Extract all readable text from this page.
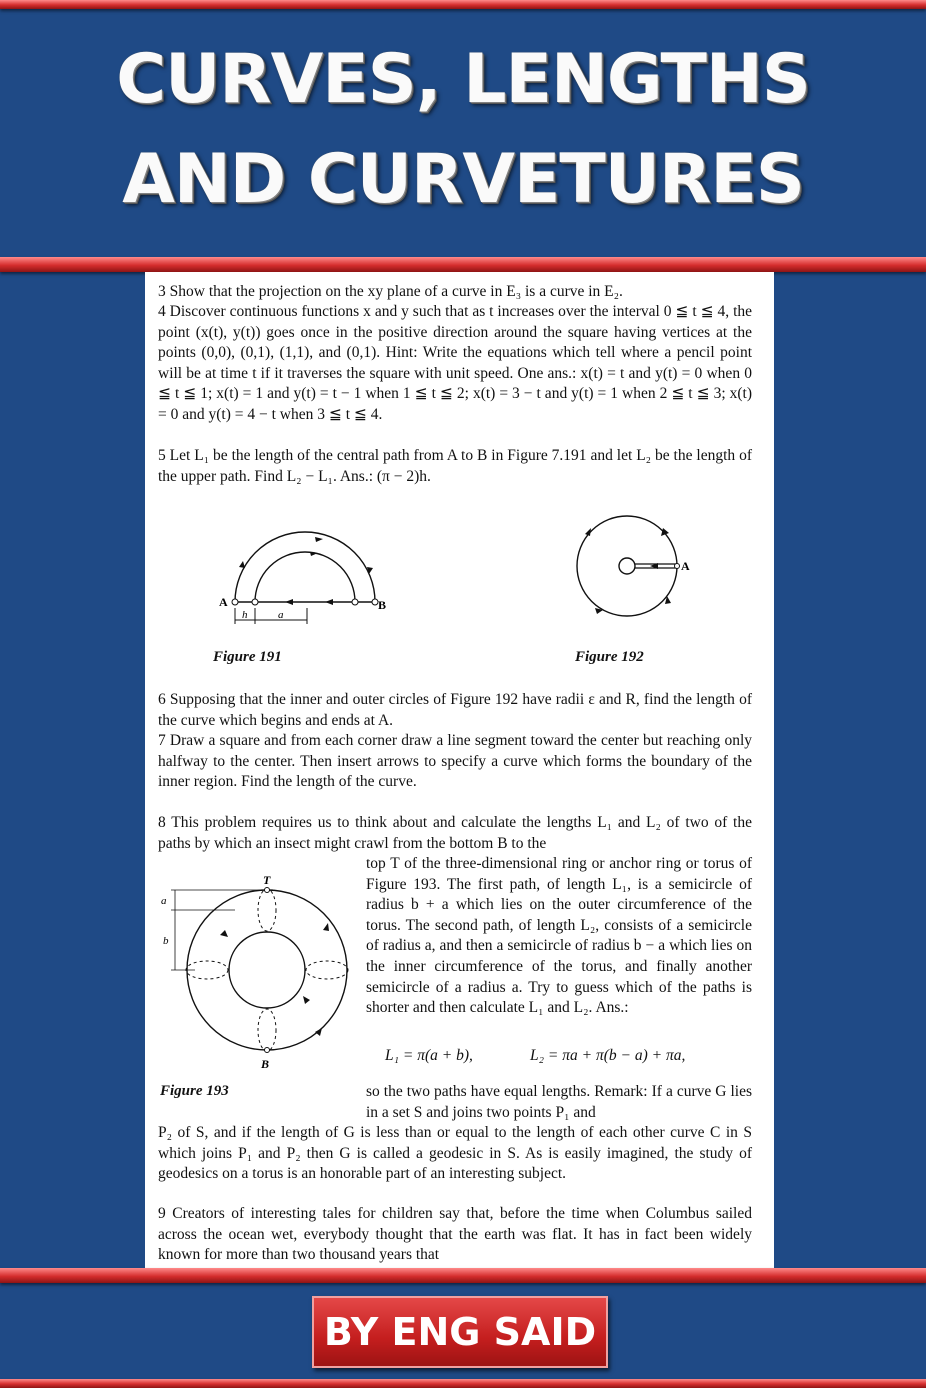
CURVES, LENGTHS
AND CURVETURES
3 Show that the projection on the xy plane of a curve in E₃ is a curve in E₂.
4 Discover continuous functions x and y such that as t increases over the interval 0 ≦ t ≦ 4, the point (x(t), y(t)) goes once in the positive direction around the square having vertices at the points (0,0), (0,1), (1,1), and (0,1). Hint: Write the equations which tell where a pencil point will be at time t if it traverses the square with unit speed. One ans.: x(t) = t and y(t) = 0 when 0 ≦ t ≦ 1; x(t) = 1 and y(t) = t − 1 when 1 ≦ t ≦ 2; x(t) = 3 − t and y(t) = 1 when 2 ≦ t ≦ 3; x(t) = 0 and y(t) = 4 − t when 3 ≦ t ≦ 4.
5 Let L₁ be the length of the central path from A to B in Figure 7.191 and let L₂ be the length of the upper path. Find L₂ − L₁. Ans.: (π − 2)h.
A	B
h	a
Figure 191
A
Figure 192
6 Supposing that the inner and outer circles of Figure 192 have radii ε and R, find the length of the curve which begins and ends at A.
7 Draw a square and from each corner draw a line segment toward the center but reaching only halfway to the center. Then insert arrows to specify a curve which forms the boundary of the inner region. Find the length of the curve.
8 This problem requires us to think about and calculate the lengths L₁ and L₂ of two of the paths by which an insect might crawl from the bottom B to the
top T of the three-dimensional ring or anchor ring or torus of Figure 193. The first path, of length L₁, is a semicircle of radius b + a which lies on the outer circumference of the torus. The second path, of length L₂, consists of a semicircle of radius a, and then a semicircle of radius b − a which lies on the inner circumference of the torus, and finally another semicircle of a radius a. Try to guess which of the paths is shorter and then calculate L₁ and L₂. Ans.:
T
B
a
b
L₁ = π(a + b),	L₂ = πa + π(b − a) + πa,
Figure 193	so the two paths have equal lengths. Remark: If a curve G lies in a set S and joins two points P₁ and
P₂ of S, and if the length of G is less than or equal to the length of each other curve C in S which joins P₁ and P₂ then G is called a geodesic in S. As is easily imagined, the study of geodesics on a torus is an honorable part of an interesting subject.
9 Creators of interesting tales for children say that, before the time when Columbus sailed across the ocean wet, everybody thought that the earth was flat. It has in fact been widely known for more than two thousand years that
BY ENG SAID
